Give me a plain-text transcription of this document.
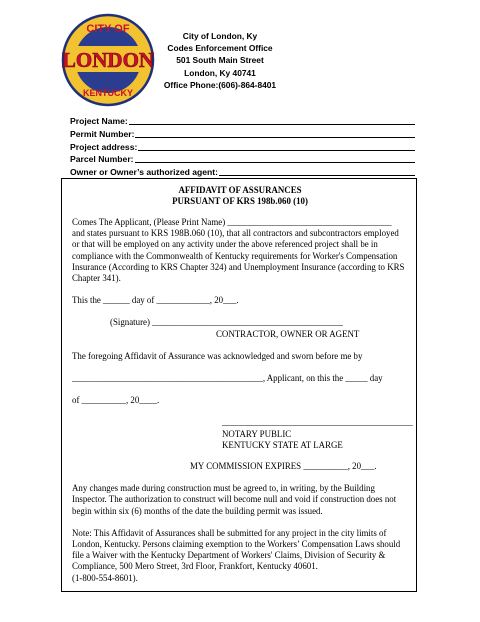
CITY OF
LONDON
KENTUCKY
City of London, Ky
Codes Enforcement Office
501 South Main Street
London, Ky 40741
Office Phone:(606)-864-8401
Project Name:
Permit Number:
Project address:
Parcel Number:
Owner or Owner’s authorized agent:
AFFIDAVIT OF ASSURANCES
PURSUANT OF KRS 198b.060 (10)

Comes The Applicant, (Please Print Name) _____________________________________

and states pursuant to KRS 198B.060 (10), that all contractors and subcontractors employed or that will be employed on any activity under the above referenced project shall be in compliance with the Commonwealth of Kentucky requirements for Worker's Compensation Insurance (According to KRS Chapter 324) and Unemployment Insurance (according to KRS Chapter 341).

This the ______ day of ____________, 20___.

(Signature) ___________________________________________

CONTRACTOR, OWNER OR AGENT

The foregoing Affidavit of Assurance was acknowledged and sworn before me by

___________________________________________, Applicant, on this the _____ day

of __________, 20____.

___________________________________________

NOTARY PUBLIC

KENTUCKY STATE AT LARGE

MY COMMISSION EXPIRES __________, 20___.

Any changes made during construction must be agreed to, in writing, by the Building Inspector. The authorization to construct will become null and void if construction does not begin within six (6) months of the date the building permit was issued.

Note: This Affidavit of Assurances shall be submitted for any project in the city limits of London, Kentucky. Persons claiming exemption to the Workers’ Compensation Laws should file a Waiver with the Kentucky Department of Workers' Claims, Division of Security & Compliance, 500 Mero Street, 3rd Floor, Frankfort, Kentucky 40601.

(1-800-554-8601).
